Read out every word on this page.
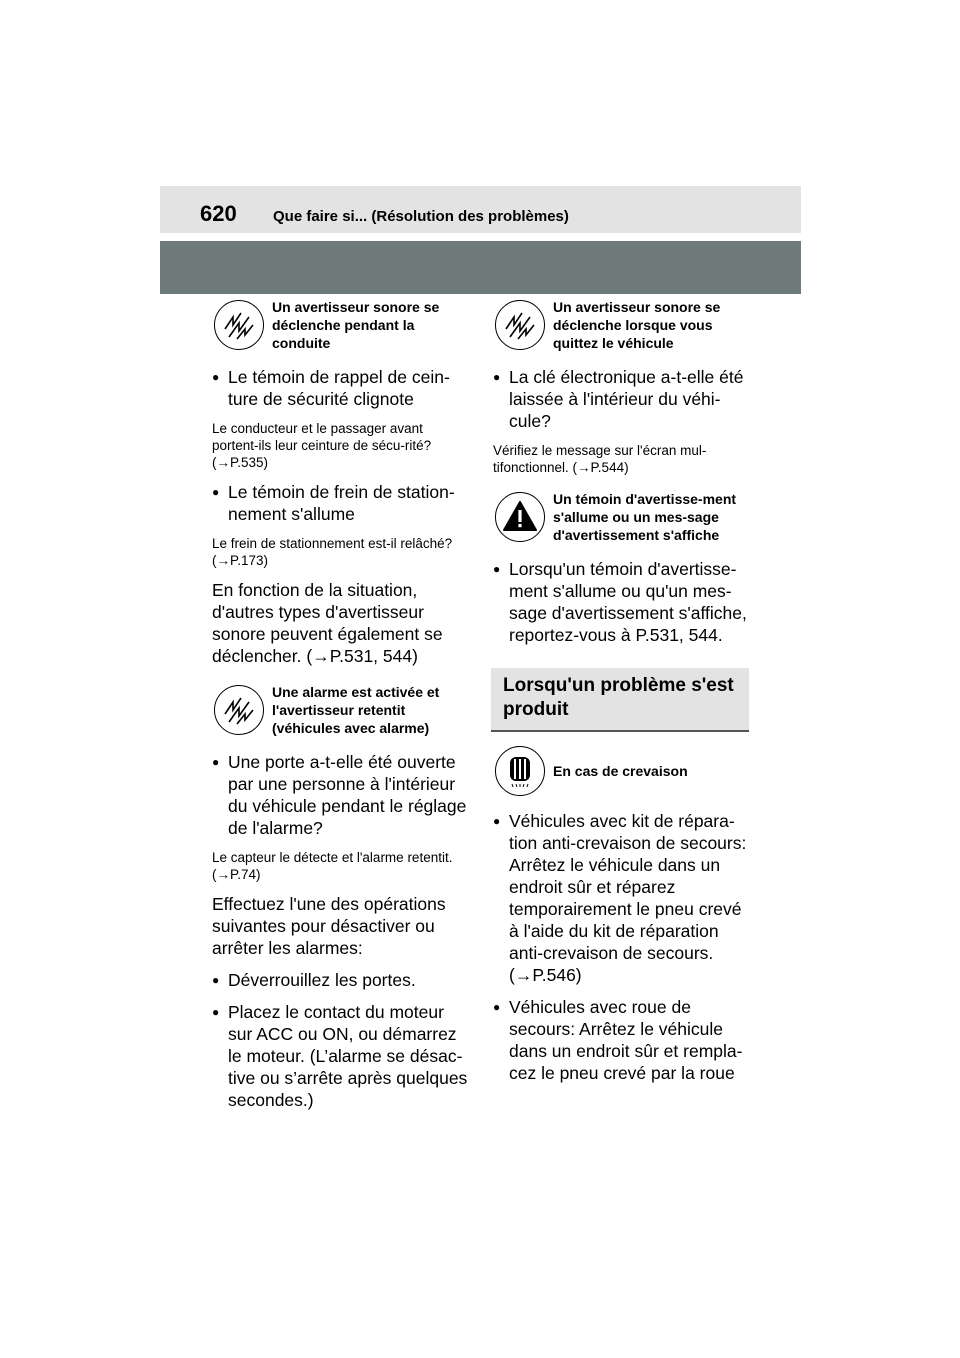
620 Que faire si... (Résolution des problèmes)
Un avertisseur sonore se déclenche pendant la conduite
● Le témoin de rappel de cein-ture de sécurité clignote
Le conducteur et le passager avant portent-ils leur ceinture de sécu-rité? (→P.535)
● Le témoin de frein de station-nement s'allume
Le frein de stationnement est-il relâché? (→P.173)
En fonction de la situation, d'autres types d'avertisseur sonore peuvent également se déclencher. (→P.531, 544)
Une alarme est activée et l'avertisseur retentit (véhicules avec alarme)
● Une porte a-t-elle été ouverte par une personne à l'intérieur du véhicule pendant le réglage de l'alarme?
Le capteur le détecte et l'alarme retentit. (→P.74)
Effectuez l'une des opérations suivantes pour désactiver ou arrêter les alarmes:
● Déverrouillez les portes.
● Placez le contact du moteur sur ACC ou ON, ou démarrez le moteur. (L’alarme se désac-tive ou s’arrête après quelques secondes.)
Un avertisseur sonore se déclenche lorsque vous quittez le véhicule
● La clé électronique a-t-elle été laissée à l'intérieur du véhi-cule?
Vérifiez le message sur l'écran mul-tifonctionnel. (→P.544)
Un témoin d'avertisse-ment s'allume ou un mes-sage d'avertissement s'affiche
● Lorsqu'un témoin d'avertisse-ment s'allume ou qu'un mes-sage d'avertissement s'affiche, reportez-vous à P.531, 544.
Lorsqu'un problème s'est produit
En cas de crevaison
● Véhicules avec kit de répara-tion anti-crevaison de secours: Arrêtez le véhicule dans un endroit sûr et réparez temporairement le pneu crevé à l'aide du kit de réparation anti-crevaison de secours. (→P.546)
● Véhicules avec roue de secours: Arrêtez le véhicule dans un endroit sûr et rempla-cez le pneu crevé par la roue
